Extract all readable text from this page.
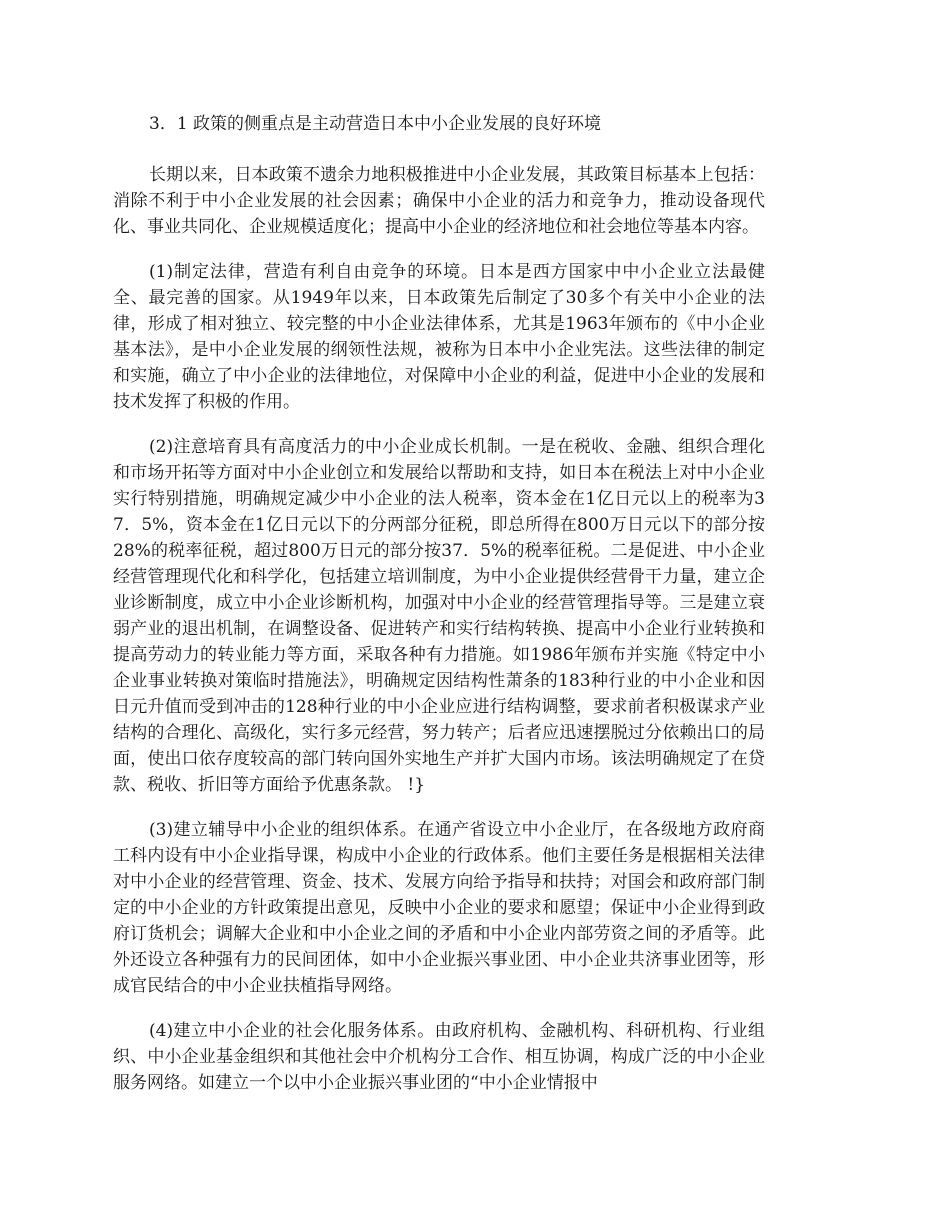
3．1 政策的侧重点是主动营造日本中小企业发展的良好环境

长期以来，日本政策不遗余力地积极推进中小企业发展，其政策目标基本上包括：消除不利于中小企业发展的社会因素；确保中小企业的活力和竞争力，推动设备现代化、事业共同化、企业规模适度化；提高中小企业的经济地位和社会地位等基本内容。

(1)制定法律，营造有利自由竞争的环境。日本是西方国家中中小企业立法最健全、最完善的国家。从1949年以来，日本政策先后制定了30多个有关中小企业的法律，形成了相对独立、较完整的中小企业法律体系，尤其是1963年颁布的《中小企业基本法》，是中小企业发展的纲领性法规，被称为日本中小企业宪法。这些法律的制定和实施，确立了中小企业的法律地位，对保障中小企业的利益，促进中小企业的发展和技术发挥了积极的作用。

(2)注意培育具有高度活力的中小企业成长机制。一是在税收、金融、组织合理化和市场开拓等方面对中小企业创立和发展给以帮助和支持，如日本在税法上对中小企业实行特别措施，明确规定减少中小企业的法人税率，资本金在1亿日元以上的税率为37．5%，资本金在1亿日元以下的分两部分征税，即总所得在800万日元以下的部分按28%的税率征税，超过800万日元的部分按37．5%的税率征税。二是促进、中小企业经营管理现代化和科学化，包括建立培训制度，为中小企业提供经营骨干力量，建立企业诊断制度，成立中小企业诊断机构，加强对中小企业的经营管理指导等。三是建立衰弱产业的退出机制，在调整设备、促进转产和实行结构转换、提高中小企业行业转换和提高劳动力的转业能力等方面，采取各种有力措施。如1986年颁布并实施《特定中小企业事业转换对策临时措施法》，明确规定因结构性萧条的183种行业的中小企业和因日元升值而受到冲击的128种行业的中小企业应进行结构调整，要求前者积极谋求产业结构的合理化、高级化，实行多元经营，努力转产；后者应迅速摆脱过分依赖出口的局面，使出口依存度较高的部门转向国外实地生产并扩大国内市场。该法明确规定了在贷款、税收、折旧等方面给予优惠条款。 !}

(3)建立辅导中小企业的组织体系。在通产省设立中小企业厅，在各级地方政府商工科内设有中小企业指导课，构成中小企业的行政体系。他们主要任务是根据相关法律对中小企业的经营管理、资金、技术、发展方向给予指导和扶持；对国会和政府部门制定的中小企业的方针政策提出意见，反映中小企业的要求和愿望；保证中小企业得到政府订货机会；调解大企业和中小企业之间的矛盾和中小企业内部劳资之间的矛盾等。此外还设立各种强有力的民间团体，如中小企业振兴事业团、中小企业共济事业团等，形成官民结合的中小企业扶植指导网络。

(4)建立中小企业的社会化服务体系。由政府机构、金融机构、科研机构、行业组织、中小企业基金组织和其他社会中介机构分工合作、相互协调，构成广泛的中小企业服务网络。如建立一个以中小企业振兴事业团的“中小企业情报中
